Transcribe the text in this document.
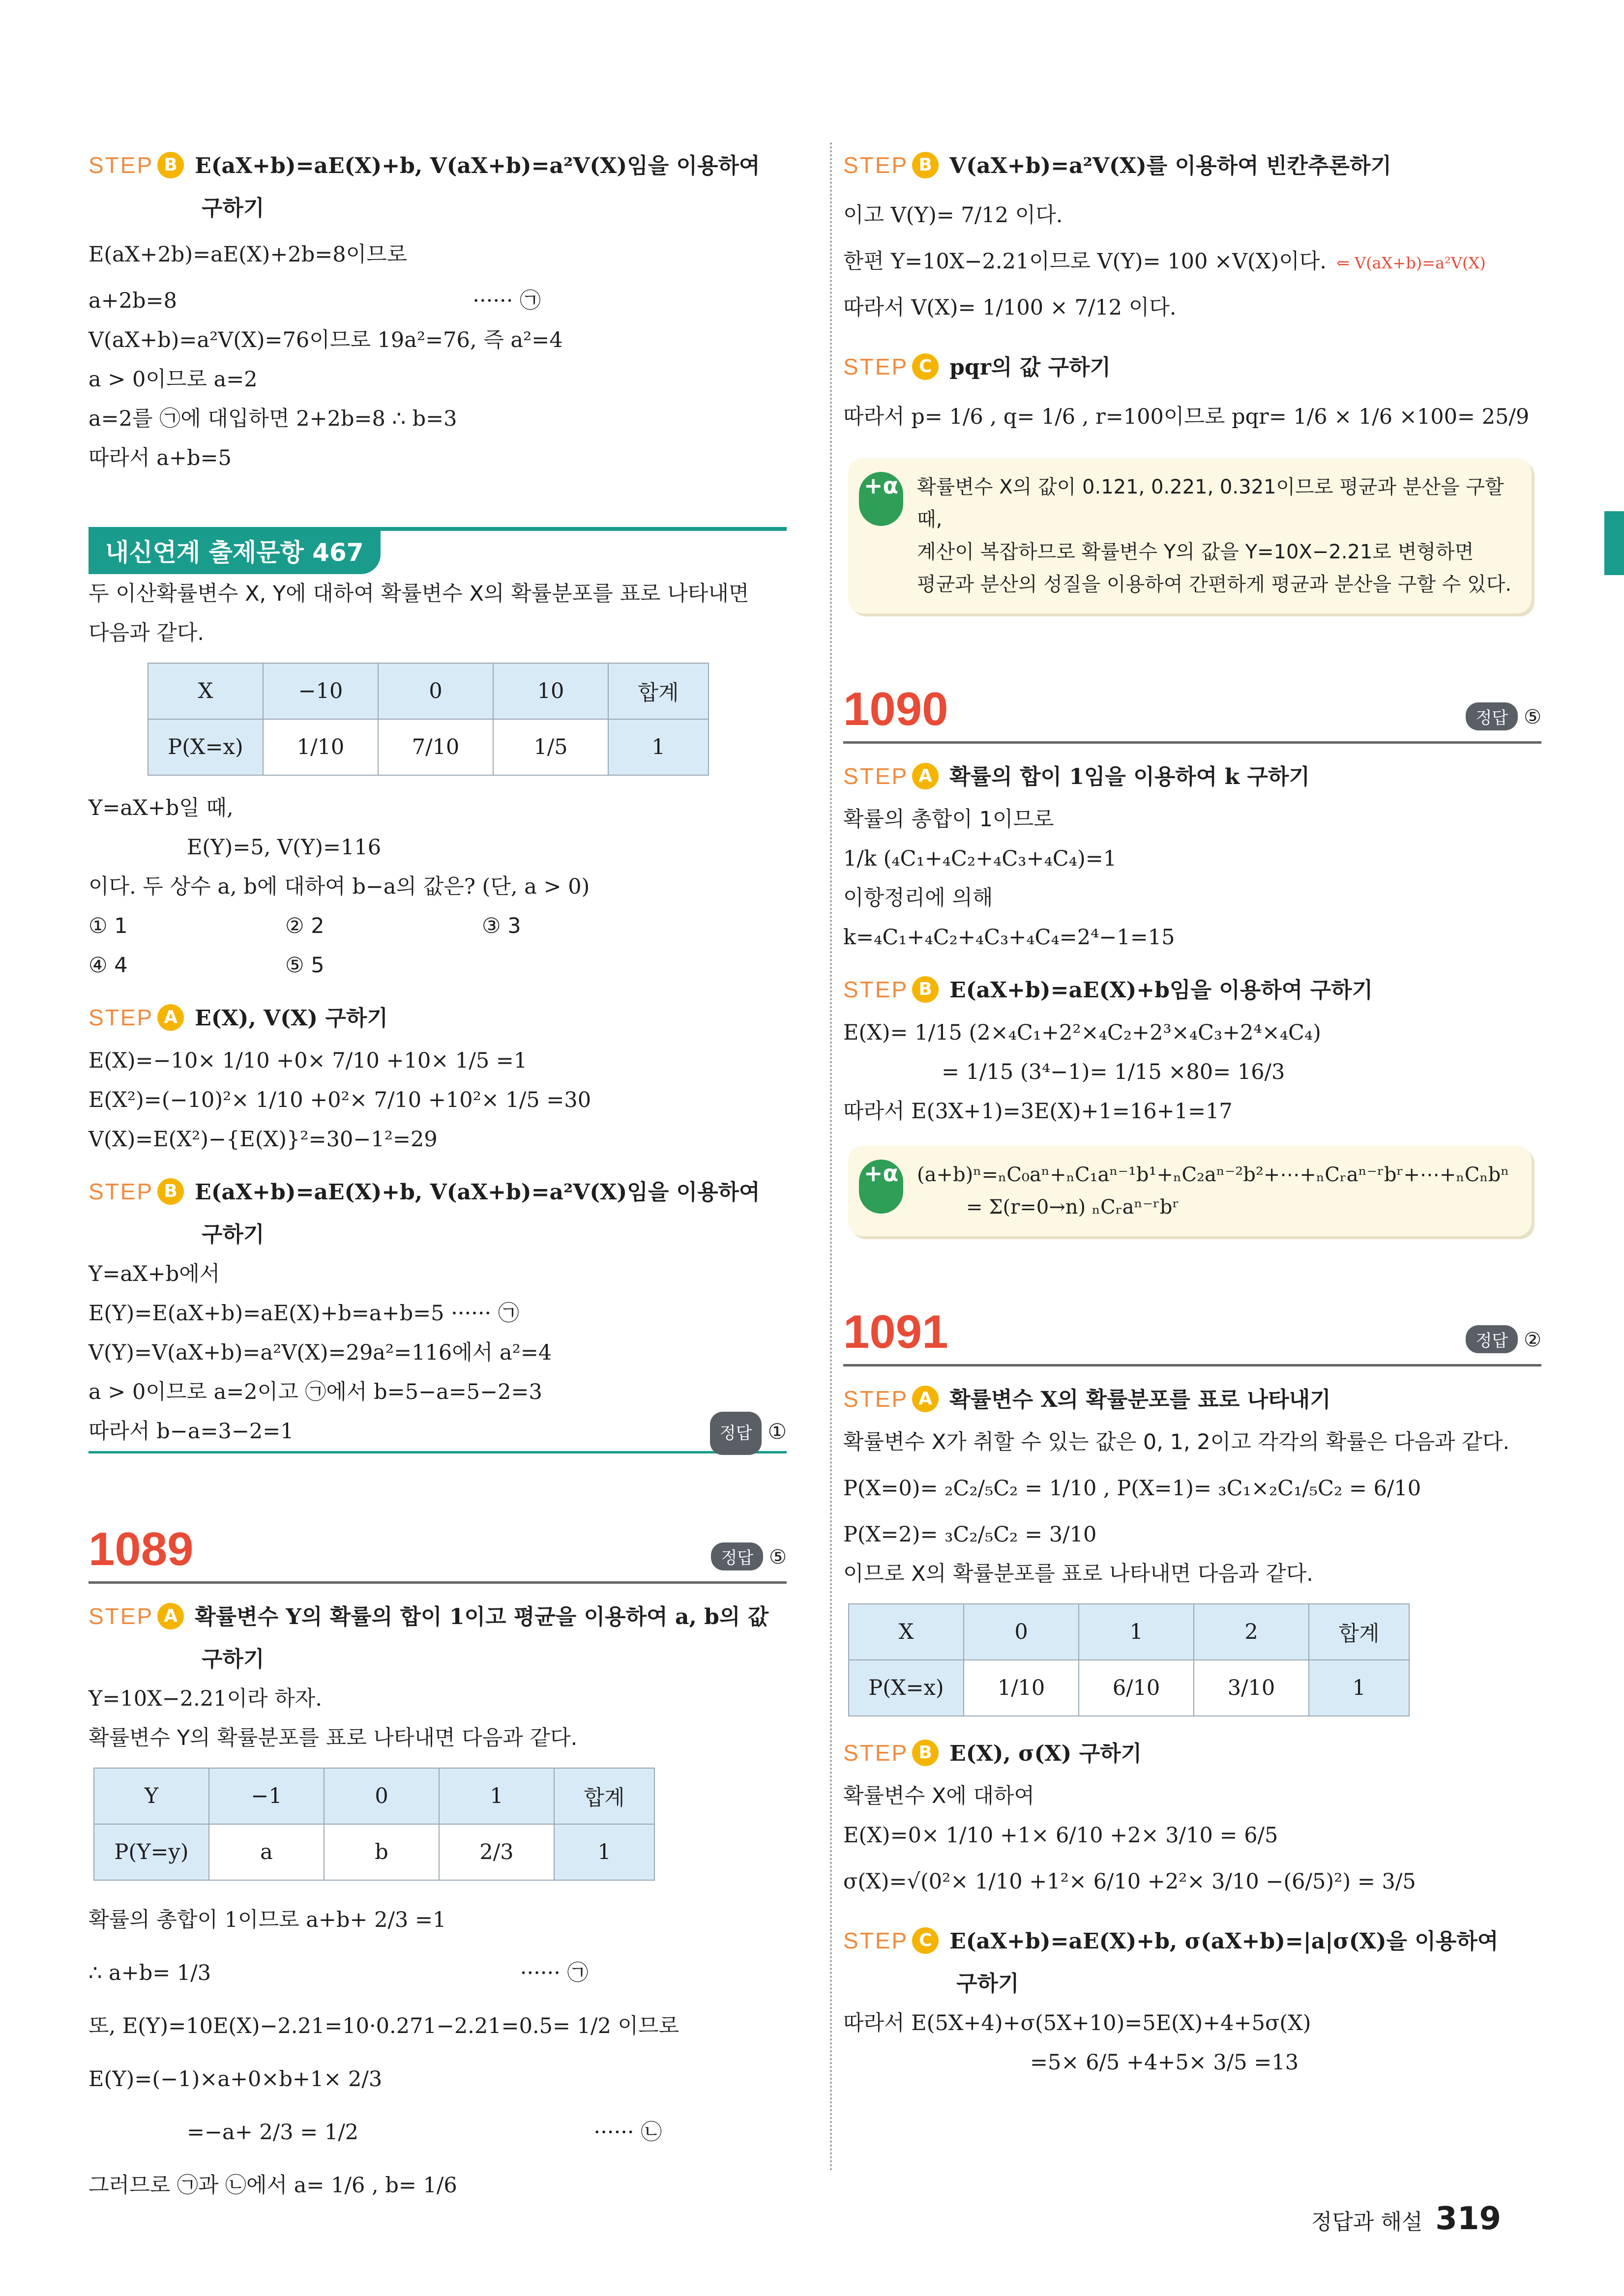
STEP B E(aX+b)=aE(X)+b, V(aX+b)=a²V(X)임을 이용하여
구하기
E(aX+2b)=aE(X)+2b=8이므로
a+2b=8                                            ······ ㉠
V(aX+b)=a²V(X)=76이므로 19a²=76, 즉 a²=4
a > 0이므로 a=2
a=2를 ㉠에 대입하면 2+2b=8 ∴ b=3
따라서 a+b=5
내신연계 출제문항 467
두 이산확률변수 X, Y에 대하여 확률변수 X의 확률분포를 표로 나타내면
다음과 같다.
X	−10	0	10	합계
P(X=x)	1/10	7/10	1/5	1
Y=aX+b일 때,
E(Y)=5, V(Y)=116
이다. 두 상수 a, b에 대하여 b−a의 값은? (단, a > 0)
① 1	② 2	③ 3
④ 4	⑤ 5
STEP A E(X), V(X) 구하기
E(X)=−10× 1/10 +0× 7/10 +10× 1/5 =1
E(X²)=(−10)²× 1/10 +0²× 7/10 +10²× 1/5 =30
V(X)=E(X²)−{E(X)}²=30−1²=29
STEP B E(aX+b)=aE(X)+b, V(aX+b)=a²V(X)임을 이용하여
구하기
Y=aX+b에서
E(Y)=E(aX+b)=aE(X)+b=a+b=5 ······ ㉠
V(Y)=V(aX+b)=a²V(X)=29a²=116에서 a²=4
a > 0이므로 a=2이고 ㉠에서 b=5−a=5−2=3
따라서 b−a=3−2=1	정답 ①
1089	정답 ⑤
STEP A 확률변수 Y의 확률의 합이 1이고 평균을 이용하여 a, b의 값
구하기
Y=10X−2.21이라 하자.
확률변수 Y의 확률분포를 표로 나타내면 다음과 같다.
Y	−1	0	1	합계
P(Y=y)	a	b	2/3	1
확률의 총합이 1이므로 a+b+ 2/3 =1
∴ a+b= 1/3                                              ······ ㉠
또, E(Y)=10E(X)−2.21=10·0.271−2.21=0.5= 1/2 이므로
E(Y)=(−1)×a+0×b+1× 2/3
=−a+ 2/3 = 1/2                                   ······ ㉡
그러므로 ㉠과 ㉡에서 a= 1/6 , b= 1/6
STEP B V(aX+b)=a²V(X)를 이용하여 빈칸추론하기
이고 V(Y)= 7/12 이다.
한편 Y=10X−2.21이므로 V(Y)= 100 ×V(X)이다. ⇐ V(aX+b)=a²V(X)
따라서 V(X)= 1/100 × 7/12 이다.
STEP C pqr의 값 구하기
따라서 p= 1/6 , q= 1/6 , r=100이므로 pqr= 1/6 × 1/6 ×100= 25/9
+α 확률변수 X의 값이 0.121, 0.221, 0.321이므로 평균과 분산을 구할 때,
계산이 복잡하므로 확률변수 Y의 값을 Y=10X−2.21로 변형하면
평균과 분산의 성질을 이용하여 간편하게 평균과 분산을 구할 수 있다.
1090	정답 ⑤
STEP A 확률의 합이 1임을 이용하여 k 구하기
확률의 총합이 1이므로
1/k (₄C₁+₄C₂+₄C₃+₄C₄)=1
이항정리에 의해
k=₄C₁+₄C₂+₄C₃+₄C₄=2⁴−1=15
STEP B E(aX+b)=aE(X)+b임을 이용하여 구하기
E(X)= 1/15 (2×₄C₁+2²×₄C₂+2³×₄C₃+2⁴×₄C₄)
= 1/15 (3⁴−1)= 1/15 ×80= 16/3
따라서 E(3X+1)=3E(X)+1=16+1=17
+α (a+b)ⁿ=ₙC₀aⁿ+ₙC₁aⁿ⁻¹b¹+ₙC₂aⁿ⁻²b²+⋯+ₙCᵣaⁿ⁻ʳbʳ+⋯+ₙCₙbⁿ
= Σ(r=0→n) ₙCᵣaⁿ⁻ʳbʳ
1091	정답 ②
STEP A 확률변수 X의 확률분포를 표로 나타내기
확률변수 X가 취할 수 있는 값은 0, 1, 2이고 각각의 확률은 다음과 같다.
P(X=0)= ₂C₂/₅C₂ = 1/10 , P(X=1)= ₃C₁×₂C₁/₅C₂ = 6/10
P(X=2)= ₃C₂/₅C₂ = 3/10
이므로 X의 확률분포를 표로 나타내면 다음과 같다.
X	0	1	2	합계
P(X=x)	1/10	6/10	3/10	1
STEP B E(X), σ(X) 구하기
확률변수 X에 대하여
E(X)=0× 1/10 +1× 6/10 +2× 3/10 = 6/5
σ(X)=√(0²× 1/10 +1²× 6/10 +2²× 3/10 −(6/5)²) = 3/5
STEP C E(aX+b)=aE(X)+b, σ(aX+b)=|a|σ(X)을 이용하여
구하기
따라서 E(5X+4)+σ(5X+10)=5E(X)+4+5σ(X)
=5× 6/5 +4+5× 3/5 =13
정답과 해설 319
